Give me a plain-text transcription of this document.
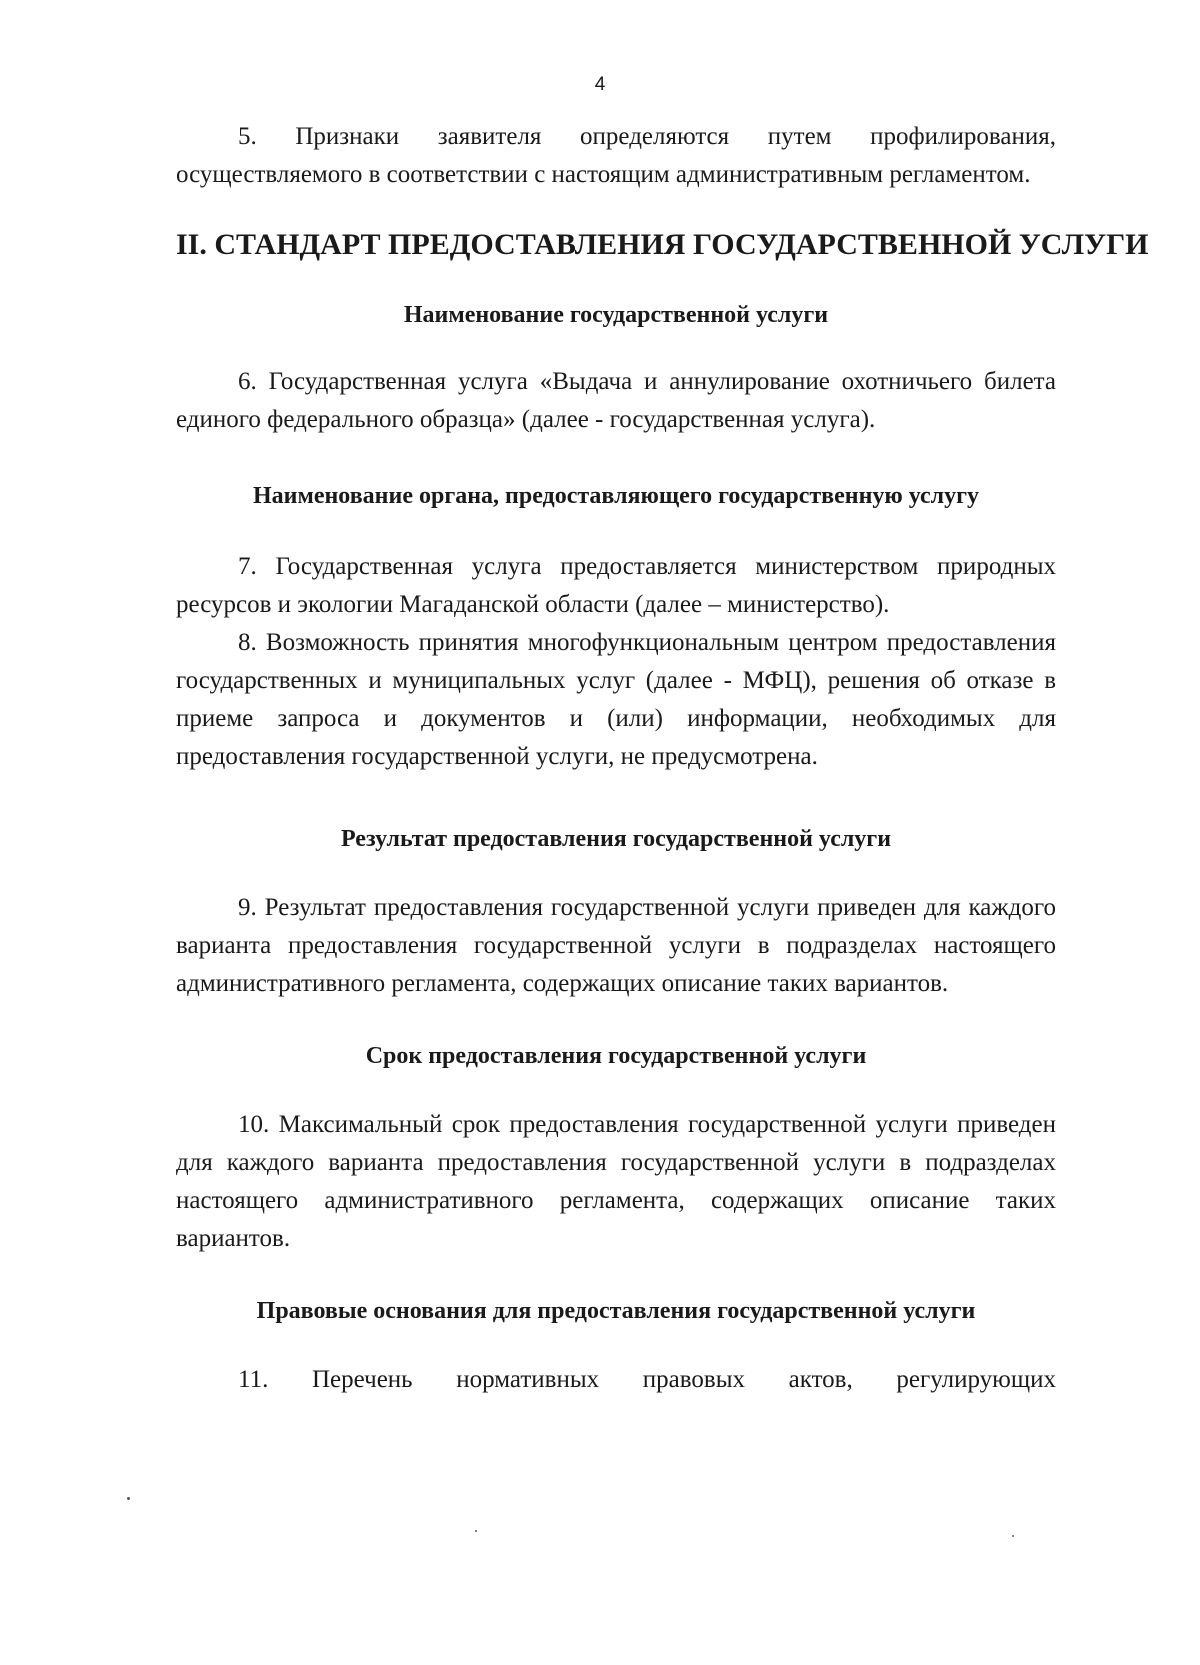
4

5. Признаки заявителя определяются путем профилирования, осуществляемого в соответствии с настоящим административным регламентом.

II. СТАНДАРТ ПРЕДОСТАВЛЕНИЯ ГОСУДАРСТВЕННОЙ УСЛУГИ
Наименование государственной услуги

6. Государственная услуга «Выдача и аннулирование охотничьего билета единого федерального образца» (далее - государственная услуга).

Наименование органа, предоставляющего государственную услугу

7. Государственная услуга предоставляется министерством природных ресурсов и экологии Магаданской области (далее – министерство).

8. Возможность принятия многофункциональным центром предоставления государственных и муниципальных услуг (далее - МФЦ), решения об отказе в приеме запроса и документов и (или) информации, необходимых для предоставления государственной услуги, не предусмотрена.

Результат предоставления государственной услуги

9. Результат предоставления государственной услуги приведен для каждого варианта предоставления государственной услуги в подразделах настоящего административного регламента, содержащих описание таких вариантов.

Срок предоставления государственной услуги

10. Максимальный срок предоставления государственной услуги приведен для каждого варианта предоставления государственной услуги в подразделах настоящего административного регламента, содержащих описание таких вариантов.

Правовые основания для предоставления государственной услуги

11. Перечень нормативных правовых актов, регулирующих
